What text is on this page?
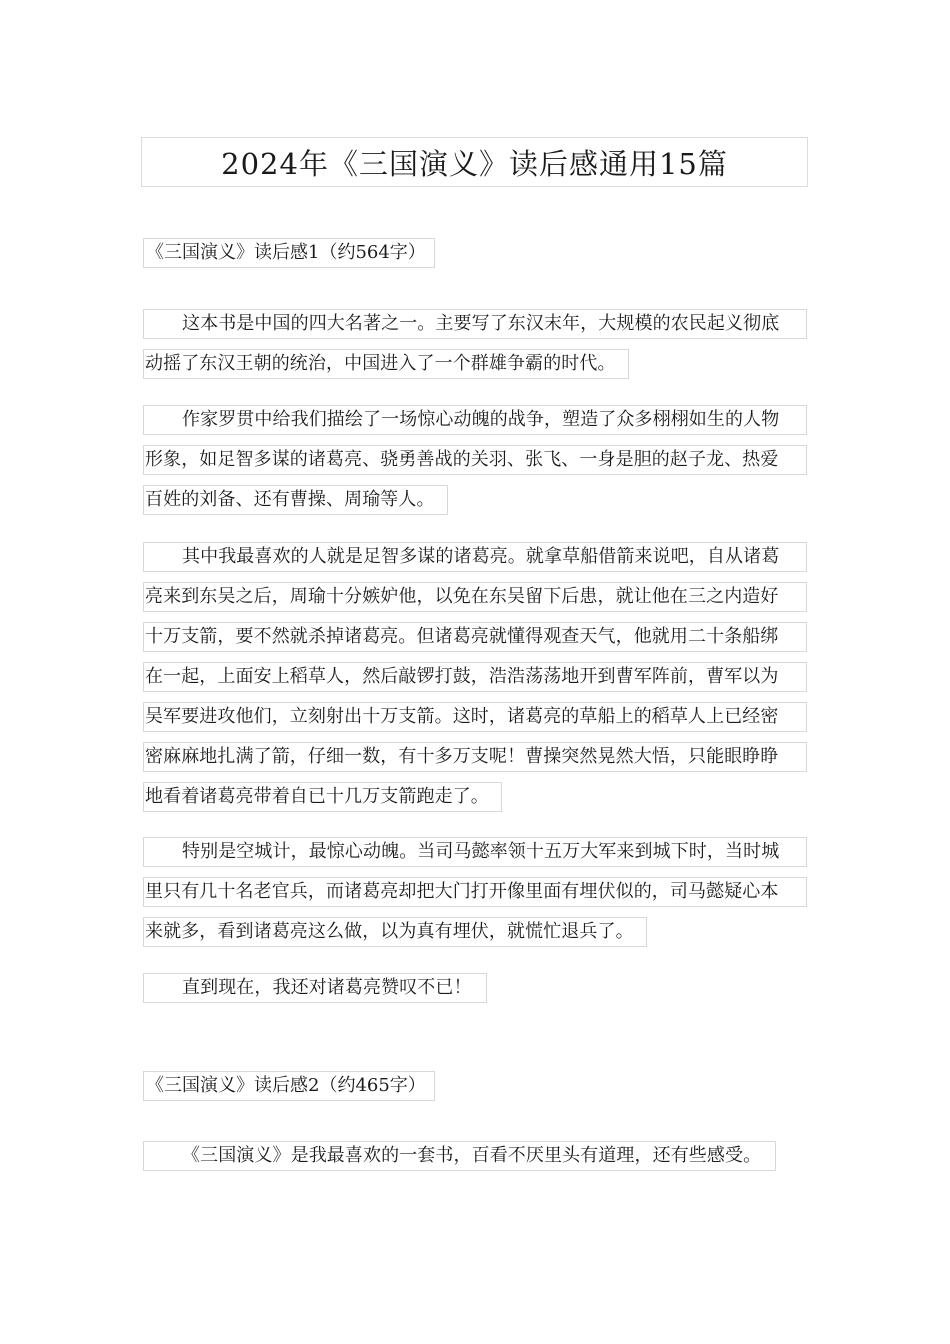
2024年《三国演义》读后感通用15篇
《三国演义》读后感1（约564字）
这本书是中国的四大名著之一。主要写了东汉末年，大规模的农民起义彻底
动摇了东汉王朝的统治，中国进入了一个群雄争霸的时代。
作家罗贯中给我们描绘了一场惊心动魄的战争，塑造了众多栩栩如生的人物
形象，如足智多谋的诸葛亮、骁勇善战的关羽、张飞、一身是胆的赵子龙、热爱
百姓的刘备、还有曹操、周瑜等人。
其中我最喜欢的人就是足智多谋的诸葛亮。就拿草船借箭来说吧，自从诸葛
亮来到东吴之后，周瑜十分嫉妒他，以免在东吴留下后患，就让他在三之内造好
十万支箭，要不然就杀掉诸葛亮。但诸葛亮就懂得观查天气，他就用二十条船绑
在一起，上面安上稻草人，然后敲锣打鼓，浩浩荡荡地开到曹军阵前，曹军以为
吴军要进攻他们，立刻射出十万支箭。这时，诸葛亮的草船上的稻草人上已经密
密麻麻地扎满了箭，仔细一数，有十多万支呢！曹操突然晃然大悟，只能眼睁睁
地看着诸葛亮带着自已十几万支箭跑走了。
特别是空城计，最惊心动魄。当司马懿率领十五万大军来到城下时，当时城
里只有几十名老官兵，而诸葛亮却把大门打开像里面有埋伏似的，司马懿疑心本
来就多，看到诸葛亮这么做，以为真有埋伏，就慌忙退兵了。
直到现在，我还对诸葛亮赞叹不已！
《三国演义》读后感2（约465字）
《三国演义》是我最喜欢的一套书，百看不厌里头有道理，还有些感受。
